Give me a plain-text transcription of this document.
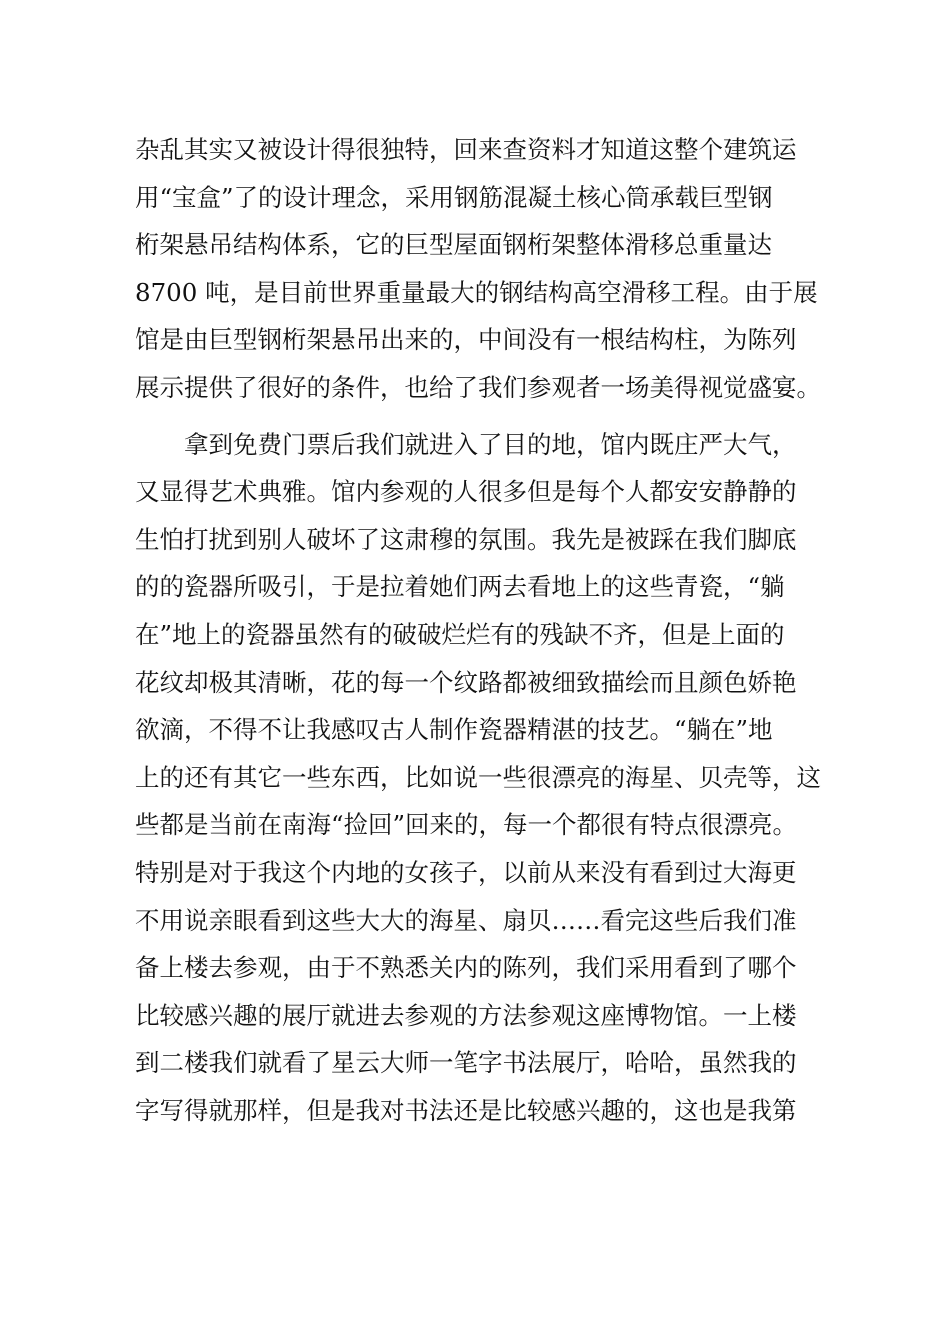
杂乱其实又被设计得很独特，回来查资料才知道这整个建筑运
用“宝盒”了的设计理念，采用钢筋混凝土核心筒承载巨型钢
桁架悬吊结构体系，它的巨型屋面钢桁架整体滑移总重量达
8700 吨，是目前世界重量最大的钢结构高空滑移工程。由于展
馆是由巨型钢桁架悬吊出来的，中间没有一根结构柱，为陈列
展示提供了很好的条件，也给了我们参观者一场美得视觉盛宴。
　　拿到免费门票后我们就进入了目的地，馆内既庄严大气，
又显得艺术典雅。馆内参观的人很多但是每个人都安安静静的
生怕打扰到别人破坏了这肃穆的氛围。我先是被踩在我们脚底
的的瓷器所吸引，于是拉着她们两去看地上的这些青瓷，“躺
在”地上的瓷器虽然有的破破烂烂有的残缺不齐，但是上面的
花纹却极其清晰，花的每一个纹路都被细致描绘而且颜色娇艳
欲滴，不得不让我感叹古人制作瓷器精湛的技艺。“躺在”地
上的还有其它一些东西，比如说一些很漂亮的海星、贝壳等，这
些都是当前在南海“捡回”回来的，每一个都很有特点很漂亮。
特别是对于我这个内地的女孩子，以前从来没有看到过大海更
不用说亲眼看到这些大大的海星、扇贝……看完这些后我们准
备上楼去参观，由于不熟悉关内的陈列，我们采用看到了哪个
比较感兴趣的展厅就进去参观的方法参观这座博物馆。一上楼
到二楼我们就看了星云大师一笔字书法展厅，哈哈，虽然我的
字写得就那样，但是我对书法还是比较感兴趣的，这也是我第
